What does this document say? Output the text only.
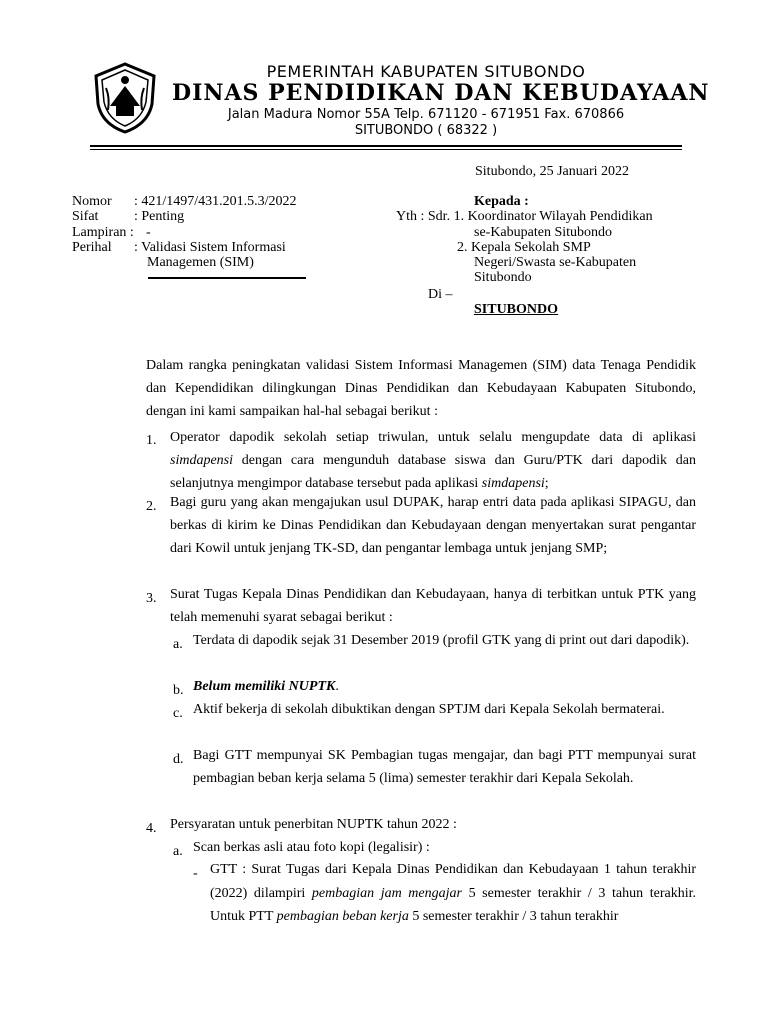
PEMERINTAH KABUPATEN SITUBONDO
DINAS PENDIDIKAN DAN KEBUDAYAAN
Jalan Madura Nomor 55A Telp. 671120 - 671951 Fax. 670866
SITUBONDO ( 68322 )
Situbondo, 25 Januari 2022
Nomor : 421/1497/431.201.5.3/2022
Sifat	: Penting
Lampiran : -
Perihal : Validasi Sistem Informasi
Managemen (SIM)
Kepada :
Yth : Sdr. 1. Koordinator Wilayah Pendidikan
se-Kabupaten Situbondo
2. Kepala Sekolah SMP
Negeri/Swasta se-Kabupaten
Situbondo
Di –
SITUBONDO
Dalam rangka peningkatan validasi Sistem Informasi Managemen (SIM) data Tenaga Pendidik dan Kependidikan dilingkungan Dinas Pendidikan dan Kebudayaan Kabupaten Situbondo, dengan ini kami sampaikan hal-hal sebagai berikut :
1. Operator dapodik sekolah setiap triwulan, untuk selalu mengupdate data di aplikasi simdapensi dengan cara mengunduh database siswa dan Guru/PTK dari dapodik dan selanjutnya mengimpor database tersebut pada aplikasi simdapensi;
2. Bagi guru yang akan mengajukan usul DUPAK, harap entri data pada aplikasi SIPAGU, dan berkas di kirim ke Dinas Pendidikan dan Kebudayaan dengan menyertakan surat pengantar dari Kowil untuk jenjang TK-SD, dan pengantar lembaga untuk jenjang SMP;
3. Surat Tugas Kepala Dinas Pendidikan dan Kebudayaan, hanya di terbitkan untuk PTK yang telah memenuhi syarat sebagai berikut :
a. Terdata di dapodik sejak 31 Desember 2019 (profil GTK yang di print out dari dapodik).
b. Belum memiliki NUPTK.
c. Aktif bekerja di sekolah dibuktikan dengan SPTJM dari Kepala Sekolah bermaterai.
d. Bagi GTT mempunyai SK Pembagian tugas mengajar, dan bagi PTT mempunyai surat pembagian beban kerja selama 5 (lima) semester terakhir dari Kepala Sekolah.
4. Persyaratan untuk penerbitan NUPTK tahun 2022 :
a. Scan berkas asli atau foto kopi (legalisir) :
- GTT : Surat Tugas dari Kepala Dinas Pendidikan dan Kebudayaan 1 tahun terakhir (2022) dilampiri pembagian jam mengajar 5 semester terakhir / 3 tahun terakhir. Untuk PTT pembagian beban kerja 5 semester terakhir / 3 tahun terakhir
